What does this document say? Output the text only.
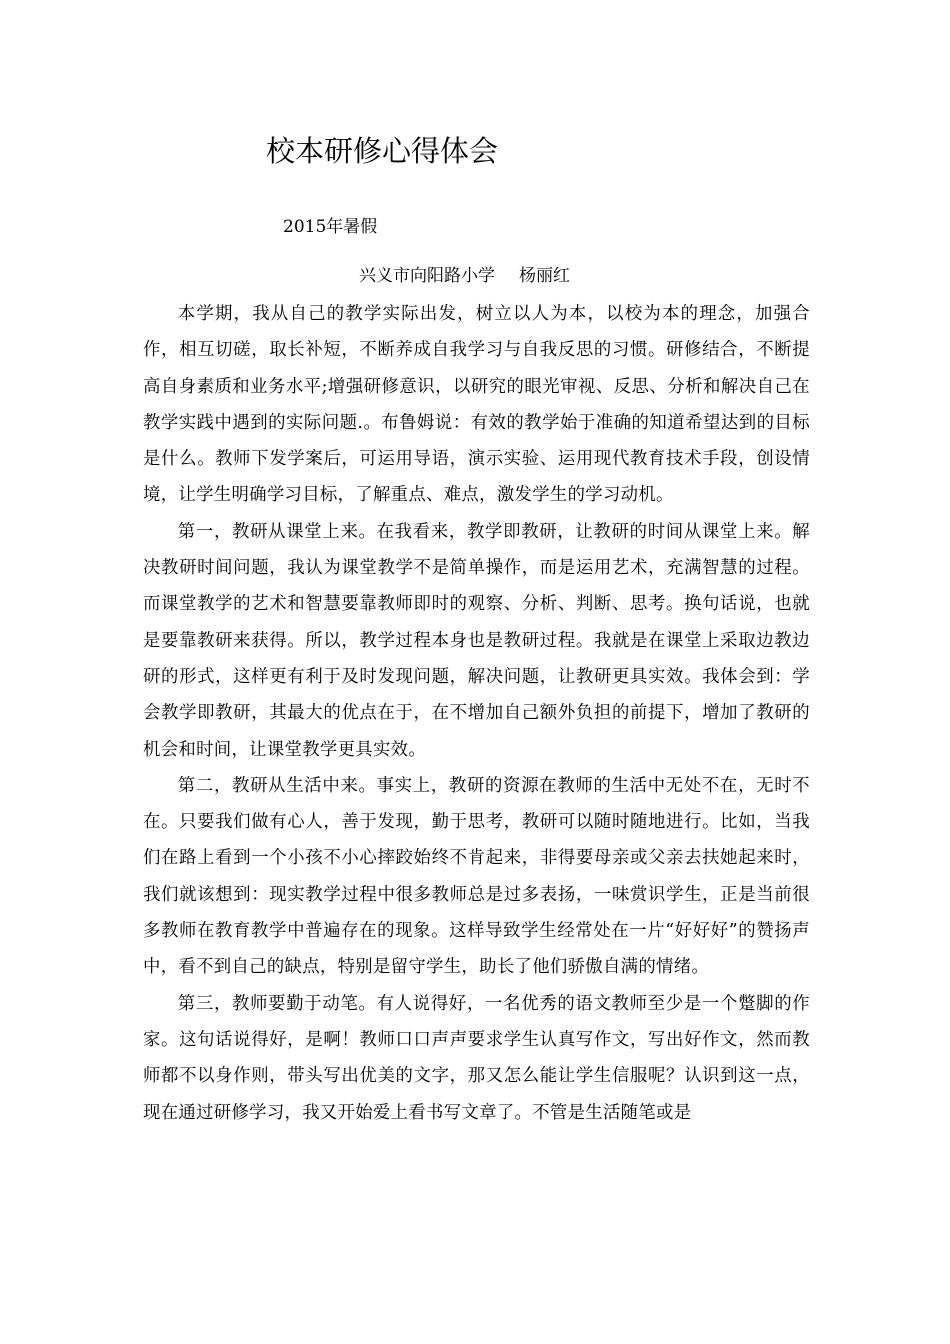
校本研修心得体会
2015年暑假
兴义市向阳路小学 杨丽红

本学期，我从自己的教学实际出发，树立以人为本，以校为本的理念，加强合作，相互切磋，取长补短，不断养成自我学习与自我反思的习惯。研修结合，不断提高自身素质和业务水平;增强研修意识，以研究的眼光审视、反思、分析和解决自己在教学实践中遇到的实际问题.。布鲁姆说：有效的教学始于准确的知道希望达到的目标是什么。教师下发学案后，可运用导语，演示实验、运用现代教育技术手段，创设情境，让学生明确学习目标，了解重点、难点，激发学生的学习动机。

第一，教研从课堂上来。在我看来，教学即教研，让教研的时间从课堂上来。解决教研时间问题，我认为课堂教学不是简单操作，而是运用艺术，充满智慧的过程。而课堂教学的艺术和智慧要靠教师即时的观察、分析、判断、思考。换句话说，也就是要靠教研来获得。所以，教学过程本身也是教研过程。我就是在课堂上采取边教边研的形式，这样更有利于及时发现问题，解决问题，让教研更具实效。我体会到：学会教学即教研，其最大的优点在于，在不增加自己额外负担的前提下，增加了教研的机会和时间，让课堂教学更具实效。

第二，教研从生活中来。事实上，教研的资源在教师的生活中无处不在，无时不在。只要我们做有心人，善于发现，勤于思考，教研可以随时随地进行。比如，当我们在路上看到一个小孩不小心摔跤始终不肯起来，非得要母亲或父亲去扶她起来时，我们就该想到：现实教学过程中很多教师总是过多表扬，一味赏识学生，正是当前很多教师在教育教学中普遍存在的现象。这样导致学生经常处在一片“好好好”的赞扬声中，看不到自己的缺点，特别是留守学生，助长了他们骄傲自满的情绪。

第三，教师要勤于动笔。有人说得好，一名优秀的语文教师至少是一个蹩脚的作家。这句话说得好，是啊！教师口口声声要求学生认真写作文，写出好作文，然而教师都不以身作则，带头写出优美的文字，那又怎么能让学生信服呢？认识到这一点，现在通过研修学习，我又开始爱上看书写文章了。不管是生活随笔或是
